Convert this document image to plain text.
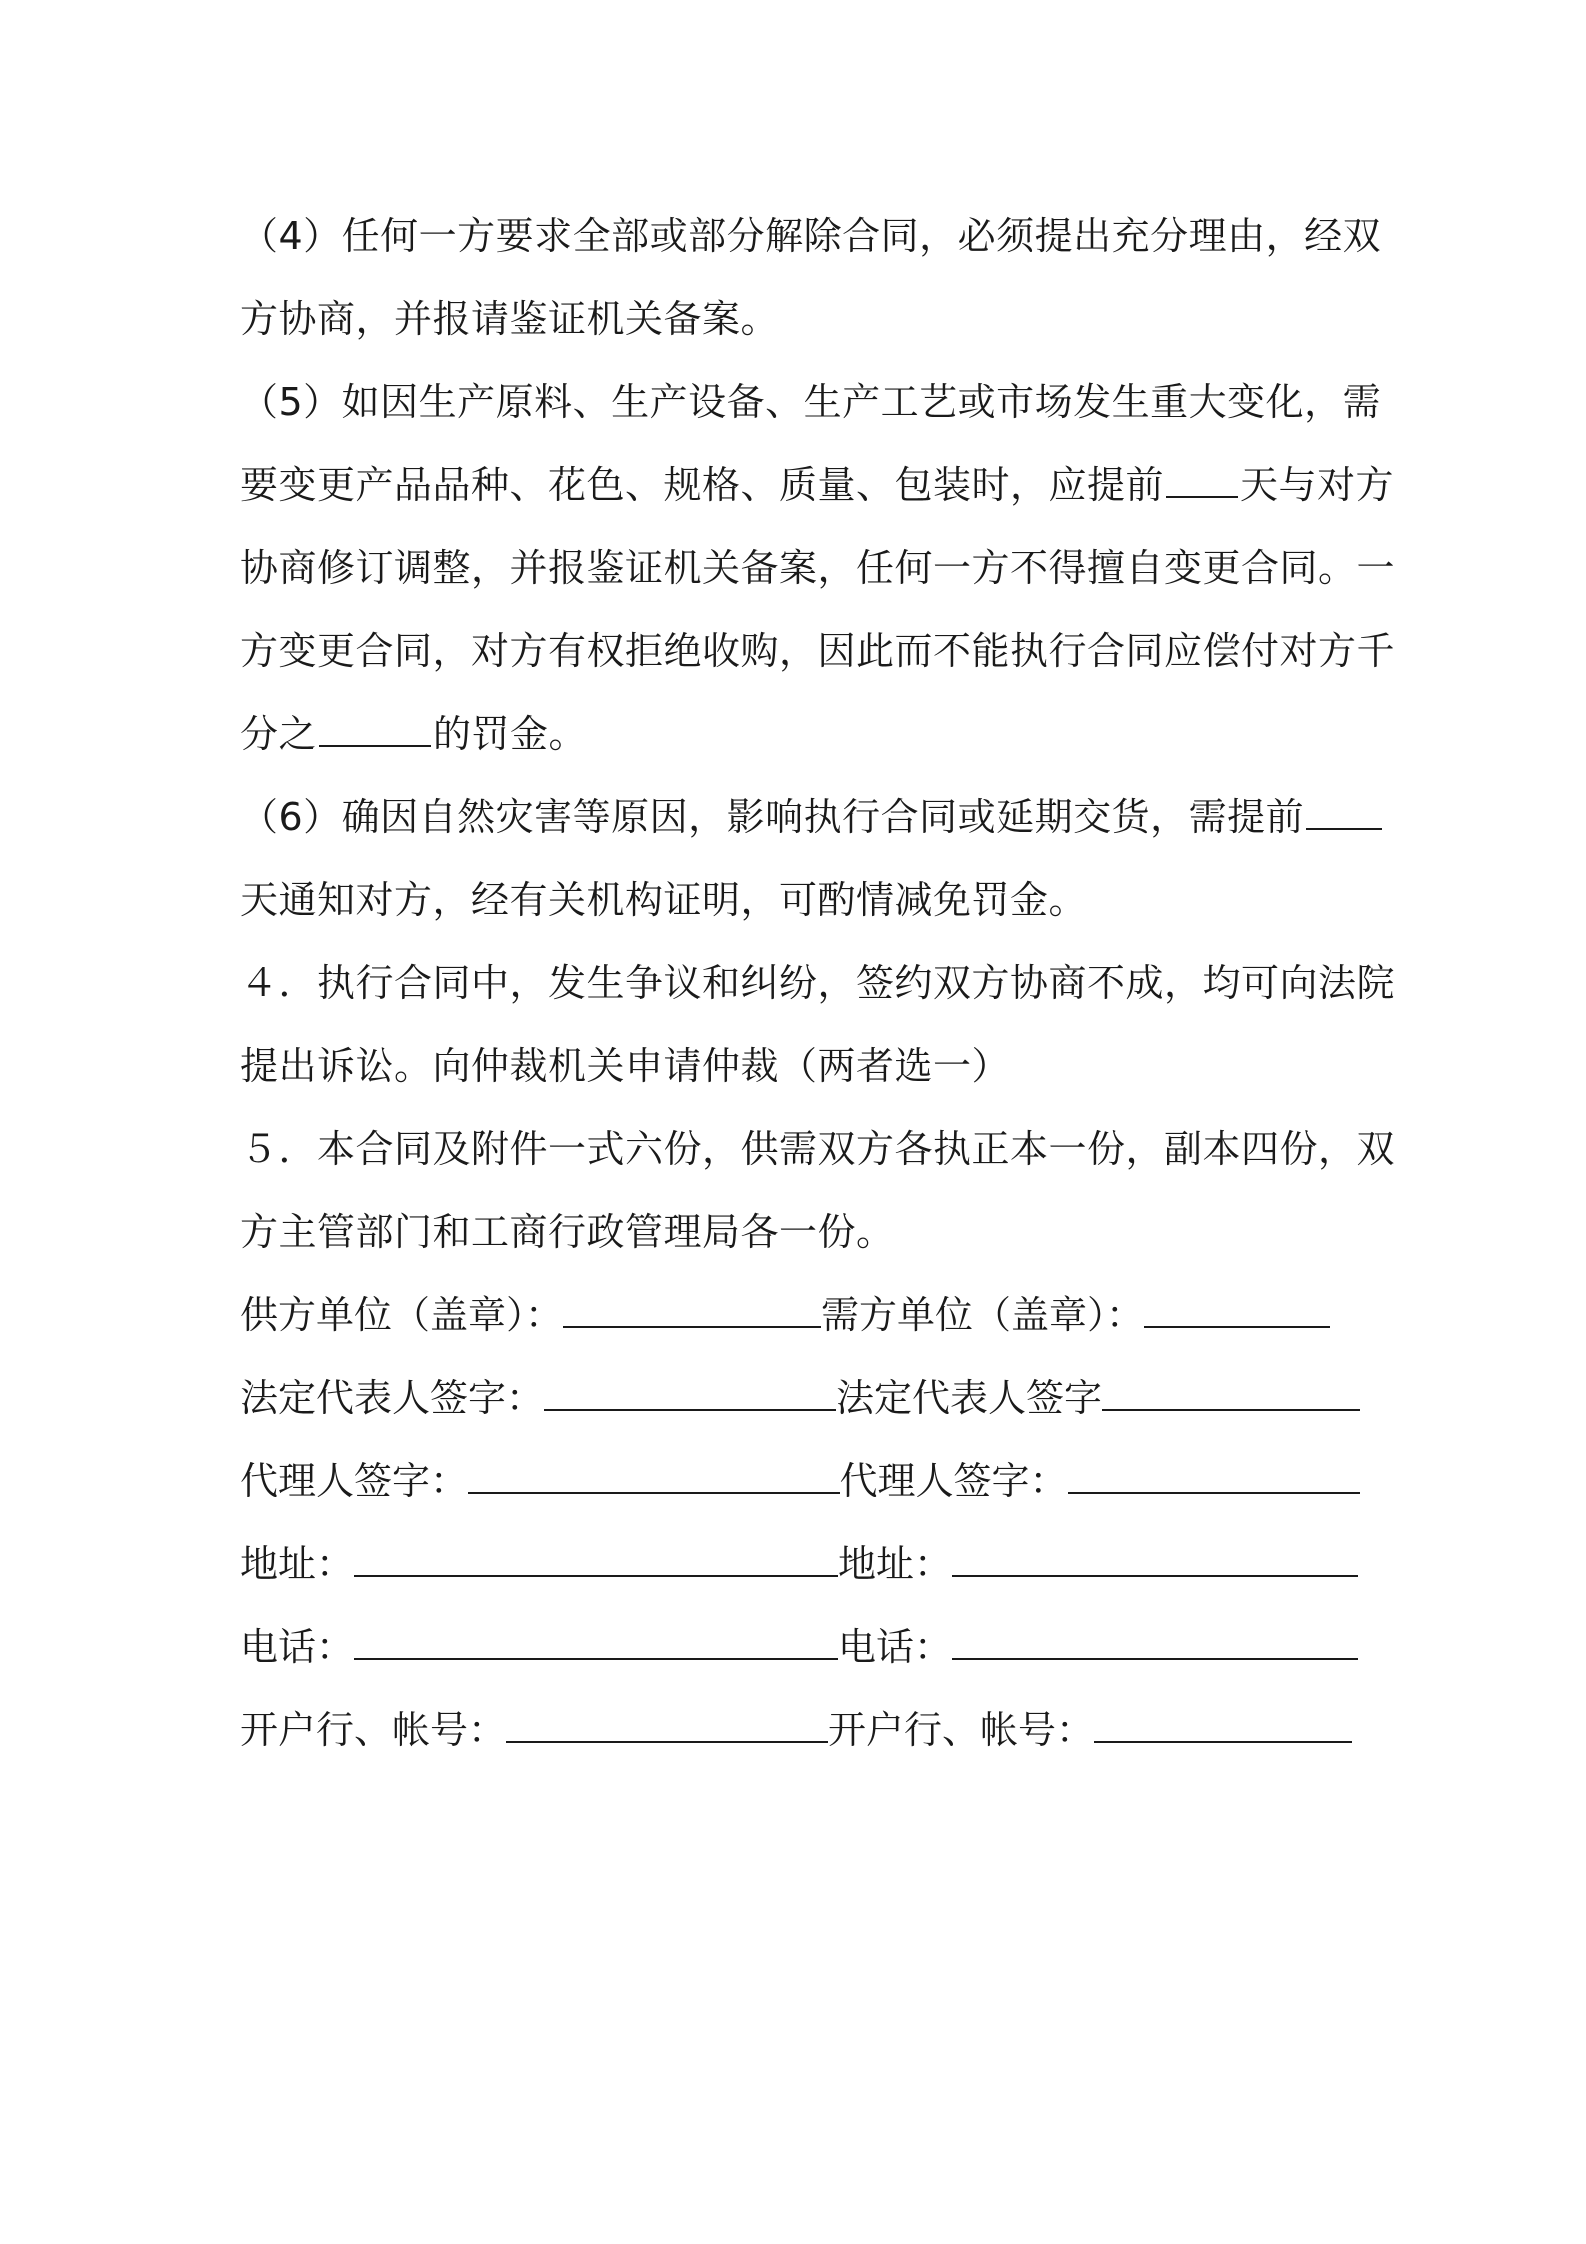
（4）任何一方要求全部或部分解除合同，必须提出充分理由，经双
方协商，并报请鉴证机关备案。
（5）如因生产原料、生产设备、生产工艺或市场发生重大变化，需
要变更产品品种、花色、规格、质量、包装时，应提前 天与对方
协商修订调整，并报鉴证机关备案，任何一方不得擅自变更合同。一
方变更合同，对方有权拒绝收购，因此而不能执行合同应偿付对方千
分之	的罚金。
（6）确因自然灾害等原因，影响执行合同或延期交货，需提前
天通知对方，经有关机构证明，可酌情减免罚金。
４．执行合同中，发生争议和纠纷，签约双方协商不成，均可向法院
提出诉讼。向仲裁机关申请仲裁（两者选一）
５．本合同及附件一式六份，供需双方各执正本一份，副本四份，双
方主管部门和工商行政管理局各一份。
供方单位（盖章）：	需方单位（盖章）：
法定代表人签字：	法定代表人签字
代理人签字：	代理人签字：
地址：	地址：
电话：	电话：
开户行、帐号：	开户行、帐号：
